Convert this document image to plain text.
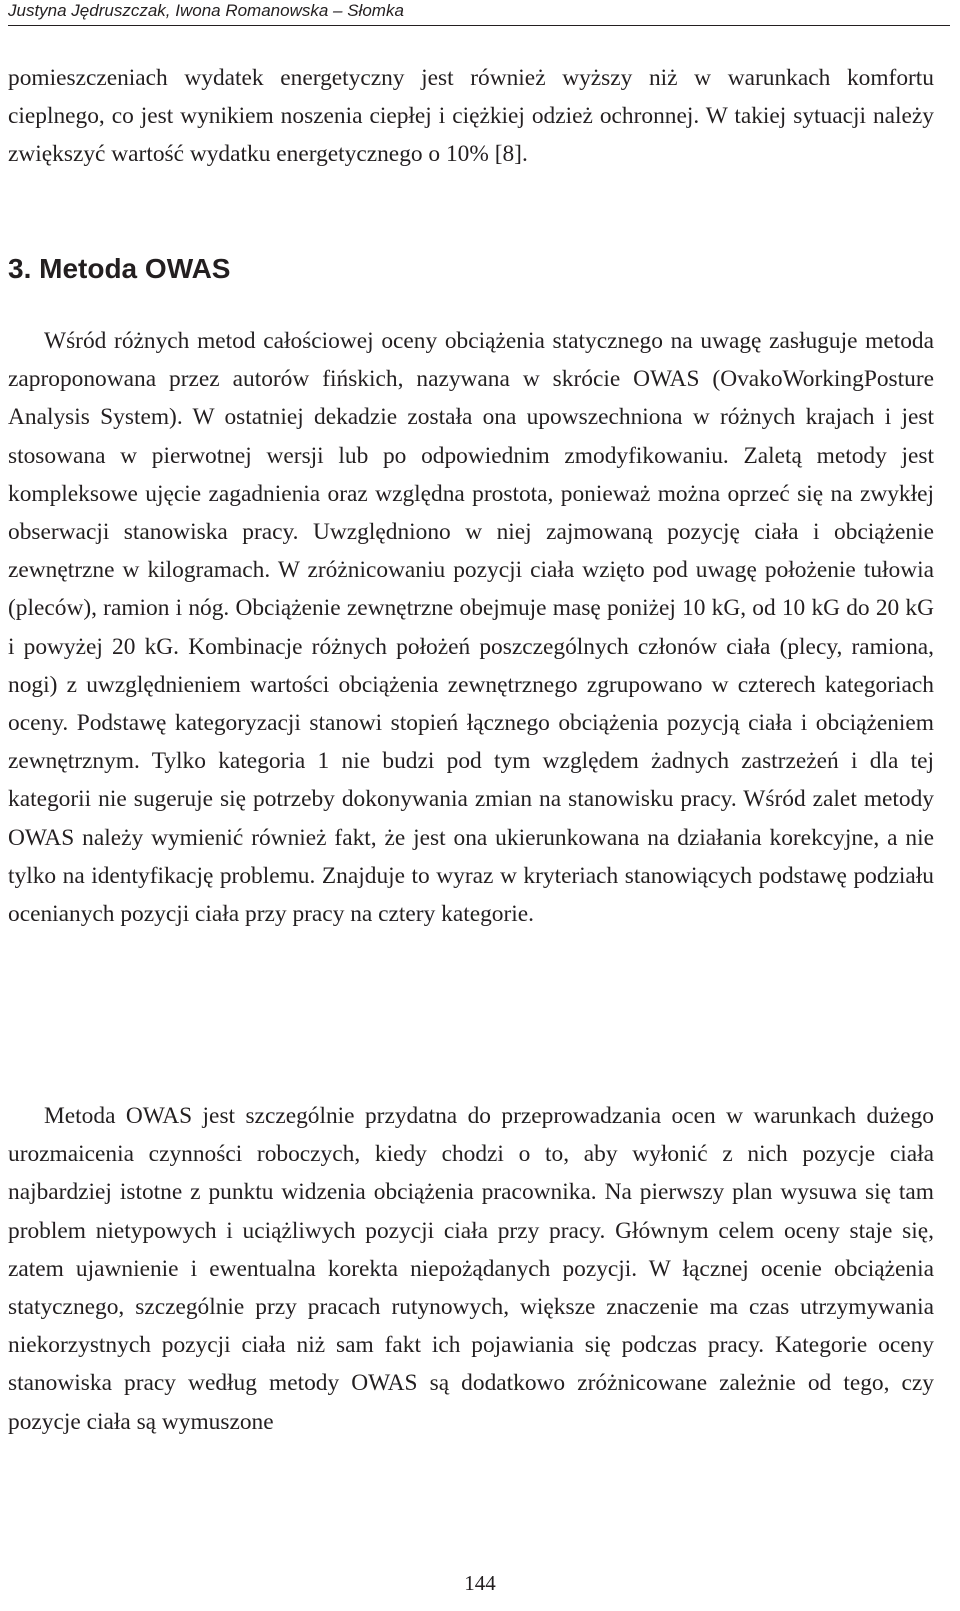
Justyna Jędruszczak, Iwona Romanowska – Słomka

pomieszczeniach wydatek energetyczny jest również wyższy niż w warunkach komfortu cieplnego, co jest wynikiem noszenia ciepłej i ciężkiej odzież ochronnej. W takiej sytuacji należy zwiększyć wartość wydatku energetycznego o 10% [8].

3. Metoda OWAS

Wśród różnych metod całościowej oceny obciążenia statycznego na uwagę zasługuje metoda zaproponowana przez autorów fińskich, nazywana w skrócie OWAS (OvakoWorkingPosture Analysis System). W ostatniej dekadzie została ona upowszechniona w różnych krajach i jest stosowana w pierwotnej wersji lub po odpowiednim zmodyfikowaniu. Zaletą metody jest kompleksowe ujęcie zagadnienia oraz względna prostota, ponieważ można oprzeć się na zwykłej obserwacji stanowiska pracy. Uwzględniono w niej zajmowaną pozycję ciała i obciążenie zewnętrzne w kilogramach. W zróżnicowaniu pozycji ciała wzięto pod uwagę położenie tułowia (pleców), ramion i nóg. Obciążenie zewnętrzne obejmuje masę poniżej 10 kG, od 10 kG do 20 kG i powyżej 20 kG. Kombinacje różnych położeń poszczególnych członów ciała (plecy, ramiona, nogi) z uwzględnieniem wartości obciążenia zewnętrznego zgrupowano w czterech kategoriach oceny. Podstawę kategoryzacji stanowi stopień łącznego obciążenia pozycją ciała i obciążeniem zewnętrznym. Tylko kategoria 1 nie budzi pod tym względem żadnych zastrzeżeń i dla tej kategorii nie sugeruje się potrzeby dokonywania zmian na stanowisku pracy. Wśród zalet metody OWAS należy wymienić również fakt, że jest ona ukierunkowana na działania korekcyjne, a nie tylko na identyfikację problemu. Znajduje to wyraz w kryteriach stanowiących podstawę podziału ocenianych pozycji ciała przy pracy na cztery kategorie.

Metoda OWAS jest szczególnie przydatna do przeprowadzania ocen w warunkach dużego urozmaicenia czynności roboczych, kiedy chodzi o to, aby wyłonić z nich pozycje ciała najbardziej istotne z punktu widzenia obciążenia pracownika. Na pierwszy plan wysuwa się tam problem nietypowych i uciążliwych pozycji ciała przy pracy. Głównym celem oceny staje się, zatem ujawnienie i ewentualna korekta niepożądanych pozycji. W łącznej ocenie obciążenia statycznego, szczególnie przy pracach rutynowych, większe znaczenie ma czas utrzymywania niekorzystnych pozycji ciała niż sam fakt ich pojawiania się podczas pracy. Kategorie oceny stanowiska pracy według metody OWAS są dodatkowo zróżnicowane zależnie od tego, czy pozycje ciała są wymuszone

144
